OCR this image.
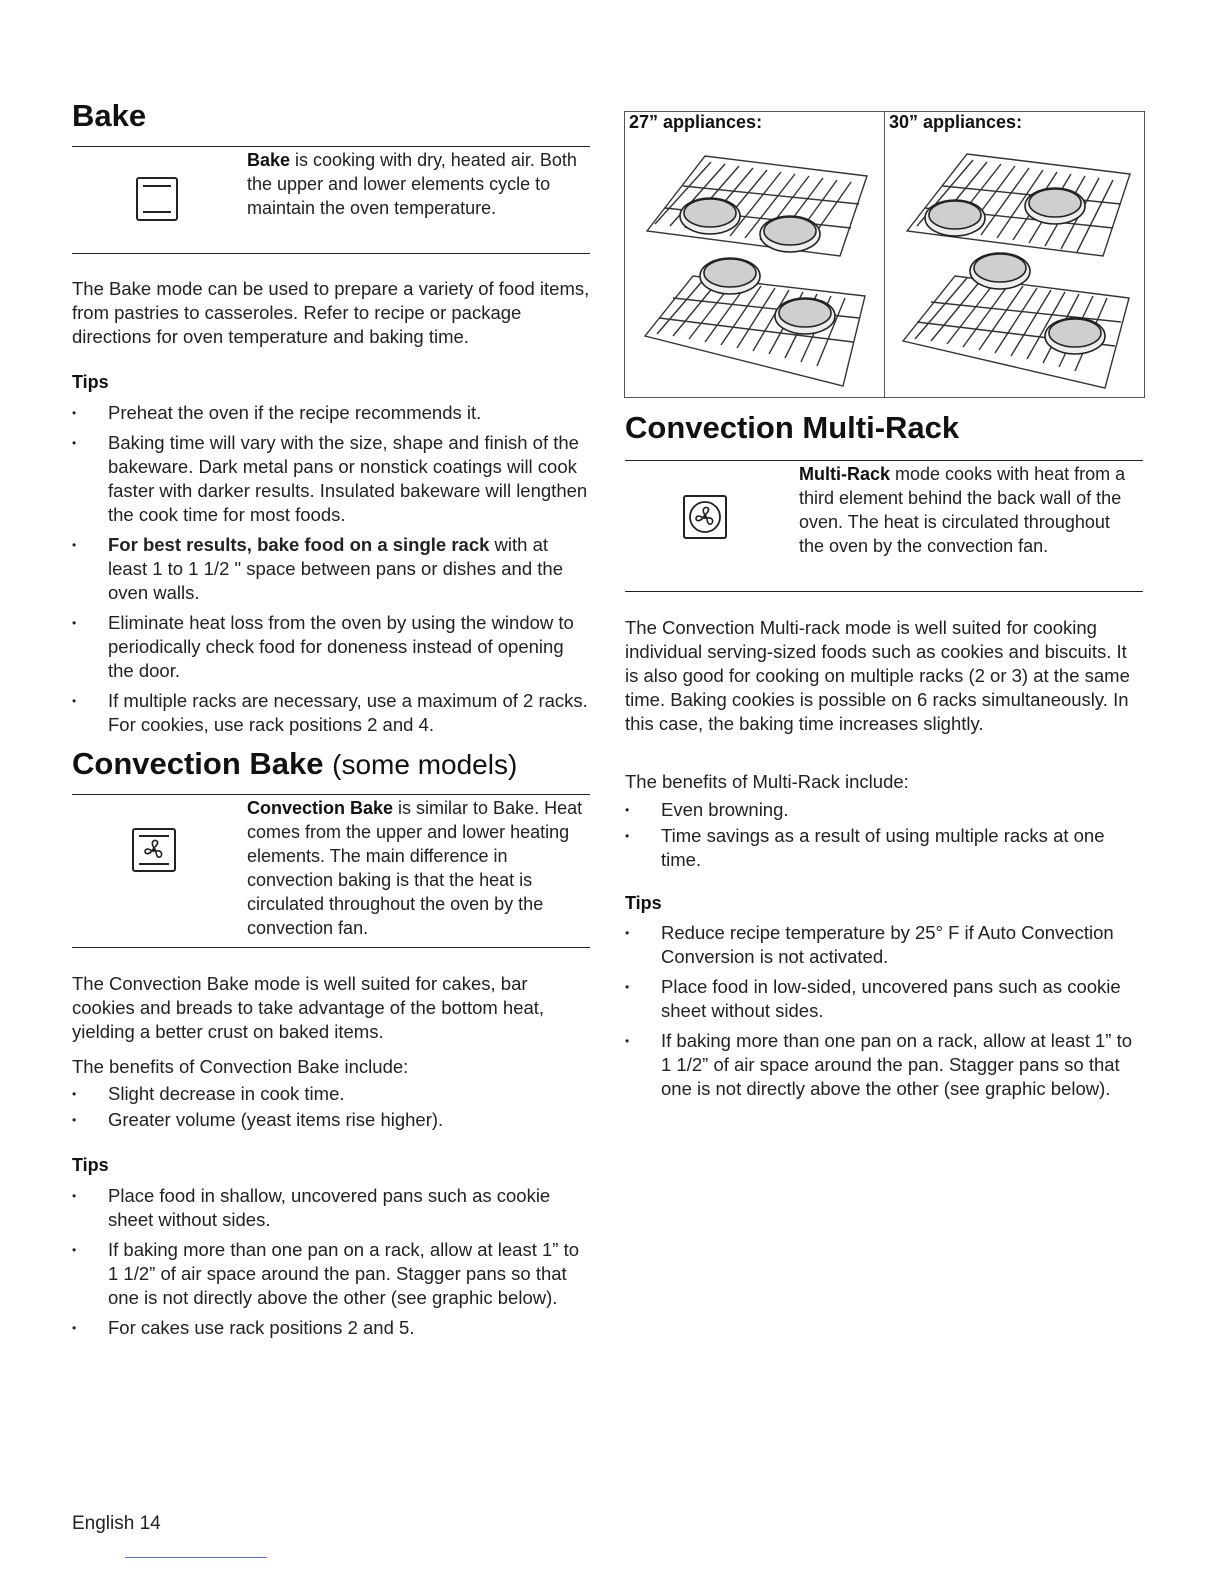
Bake
Bake is cooking with dry, heated air. Both the upper and lower elements cycle to maintain the oven temperature.

The Bake mode can be used to prepare a variety of food items, from pastries to casseroles. Refer to recipe or package directions for oven temperature and baking time.

Tips

• Preheat the oven if the recipe recommends it.
• Baking time will vary with the size, shape and finish of the bakeware. Dark metal pans or nonstick coatings will cook faster with darker results. Insulated bakeware will lengthen the cook time for most foods.
• For best results, bake food on a single rack with at least 1 to 1 1/2 " space between pans or dishes and the oven walls.
• Eliminate heat loss from the oven by using the window to periodically check food for doneness instead of opening the door.
• If multiple racks are necessary, use a maximum of 2 racks. For cookies, use rack positions 2 and 4.
Convection Bake (some models)
Convection Bake is similar to Bake. Heat comes from the upper and lower heating elements. The main difference in convection baking is that the heat is circulated throughout the oven by the convection fan.

The Convection Bake mode is well suited for cakes, bar cookies and breads to take advantage of the bottom heat, yielding a better crust on baked items.

The benefits of Convection Bake include:

• Slight decrease in cook time.
• Greater volume (yeast items rise higher).

Tips

• Place food in shallow, uncovered pans such as cookie sheet without sides.
• If baking more than one pan on a rack, allow at least 1” to 1 1/2” of air space around the pan. Stagger pans so that one is not directly above the other (see graphic below).
• For cakes use rack positions 2 and 5.
27” appliances:	30” appliances:
Convection Multi-Rack
Multi-Rack mode cooks with heat from a third element behind the back wall of the oven. The heat is circulated throughout the oven by the convection fan.

The Convection Multi-rack mode is well suited for cooking individual serving-sized foods such as cookies and biscuits. It is also good for cooking on multiple racks (2 or 3) at the same time. Baking cookies is possible on 6 racks simultaneously. In this case, the baking time increases slightly.

The benefits of Multi-Rack include:

• Even browning.
• Time savings as a result of using multiple racks at one time.

Tips

• Reduce recipe temperature by 25° F if Auto Convection Conversion is not activated.
• Place food in low-sided, uncovered pans such as cookie sheet without sides.
• If baking more than one pan on a rack, allow at least 1” to 1 1/2” of air space around the pan. Stagger pans so that one is not directly above the other (see graphic below).
English 14
